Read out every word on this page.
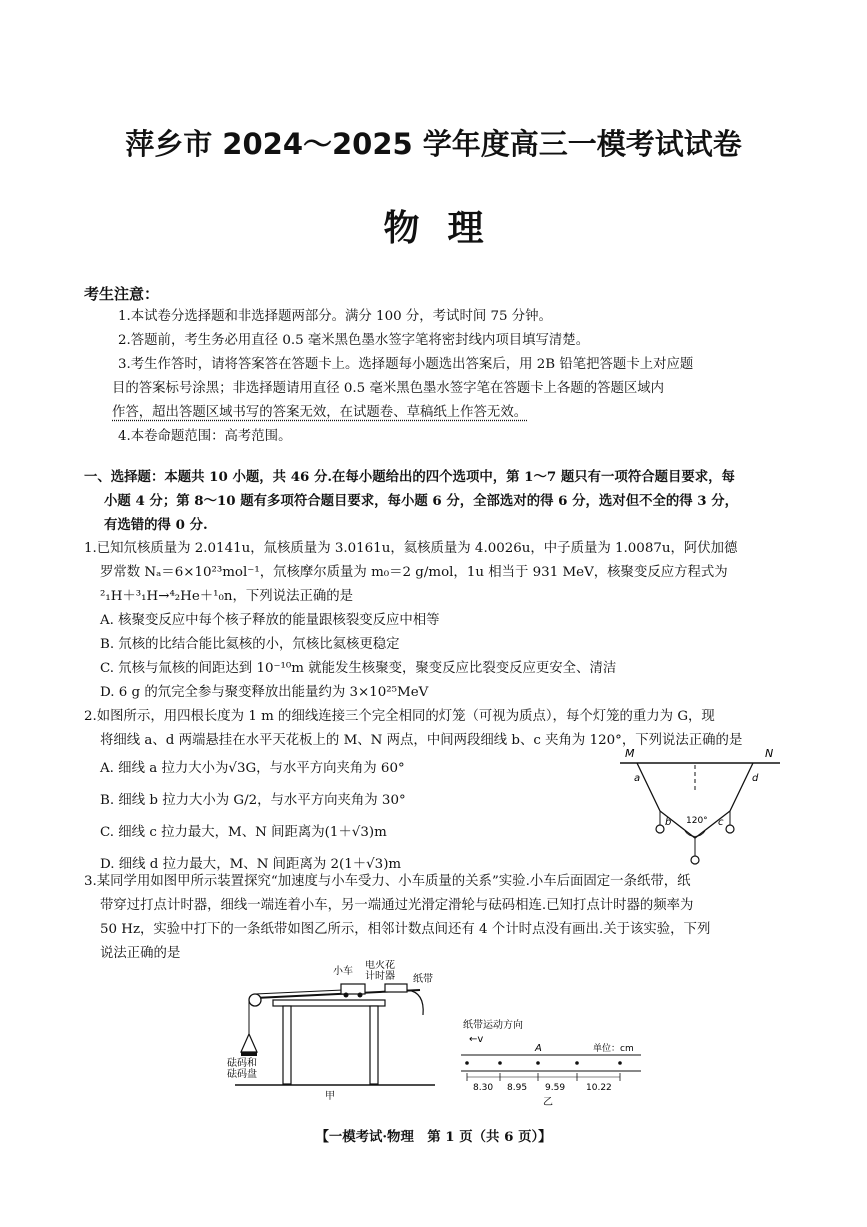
萍乡市 2024～2025 学年度高三一模考试试卷
物理
考生注意：
1.本试卷分选择题和非选择题两部分。满分 100 分，考试时间 75 分钟。
2.答题前，考生务必用直径 0.5 毫米黑色墨水签字笔将密封线内项目填写清楚。
3.考生作答时，请将答案答在答题卡上。选择题每小题选出答案后，用 2B 铅笔把答题卡上对应题
目的答案标号涂黑；非选择题请用直径 0.5 毫米黑色墨水签字笔在答题卡上各题的答题区域内
作答，超出答题区域书写的答案无效，在试题卷、草稿纸上作答无效。
4.本卷命题范围：高考范围。
一、选择题：本题共 10 小题，共 46 分.在每小题给出的四个选项中，第 1～7 题只有一项符合题目要求，每
小题 4 分；第 8～10 题有多项符合题目要求，每小题 6 分，全部选对的得 6 分，选对但不全的得 3 分，
有选错的得 0 分.
1.已知氘核质量为 2.0141u，氚核质量为 3.0161u，氦核质量为 4.0026u，中子质量为 1.0087u，阿伏加德
罗常数 Nₐ＝6×10²³mol⁻¹，氘核摩尔质量为 m₀＝2 g/mol，1u 相当于 931 MeV，核聚变反应方程式为
²₁H＋³₁H→⁴₂He＋¹₀n，下列说法正确的是
A. 核聚变反应中每个核子释放的能量跟核裂变反应中相等
B. 氘核的比结合能比氦核的小，氘核比氦核更稳定
C. 氘核与氚核的间距达到 10⁻¹⁰m 就能发生核聚变，聚变反应比裂变反应更安全、清洁
D. 6 g 的氘完全参与聚变释放出能量约为 3×10²⁵MeV
2.如图所示，用四根长度为 1 m 的细线连接三个完全相同的灯笼（可视为质点），每个灯笼的重力为 G，现
将细线 a、d 两端悬挂在水平天花板上的 M、N 两点，中间两段细线 b、c 夹角为 120°，下列说法正确的是
A. 细线 a 拉力大小为√3G，与水平方向夹角为 60°
B. 细线 b 拉力大小为 G/2，与水平方向夹角为 30°
C. 细线 c 拉力最大，M、N 间距离为(1＋√3)m
D. 细线 d 拉力最大，M、N 间距离为 2(1＋√3)m
M	N
a	d
b	c
120°
3.某同学用如图甲所示装置探究“加速度与小车受力、小车质量的关系”实验.小车后面固定一条纸带，纸
带穿过打点计时器，细线一端连着小车，另一端通过光滑定滑轮与砝码相连.已知打点计时器的频率为
50 Hz，实验中打下的一条纸带如图乙所示，相邻计数点间还有 4 个计时点没有画出.关于该实验，下列
说法正确的是
小车
电火花
计时器 纸带
砝码和
砝码盘
甲
纸带运动方向
←v
单位：cm
A
8.30 8.95 9.59 10.22
乙
【一模考试·物理　第 1 页（共 6 页）】
